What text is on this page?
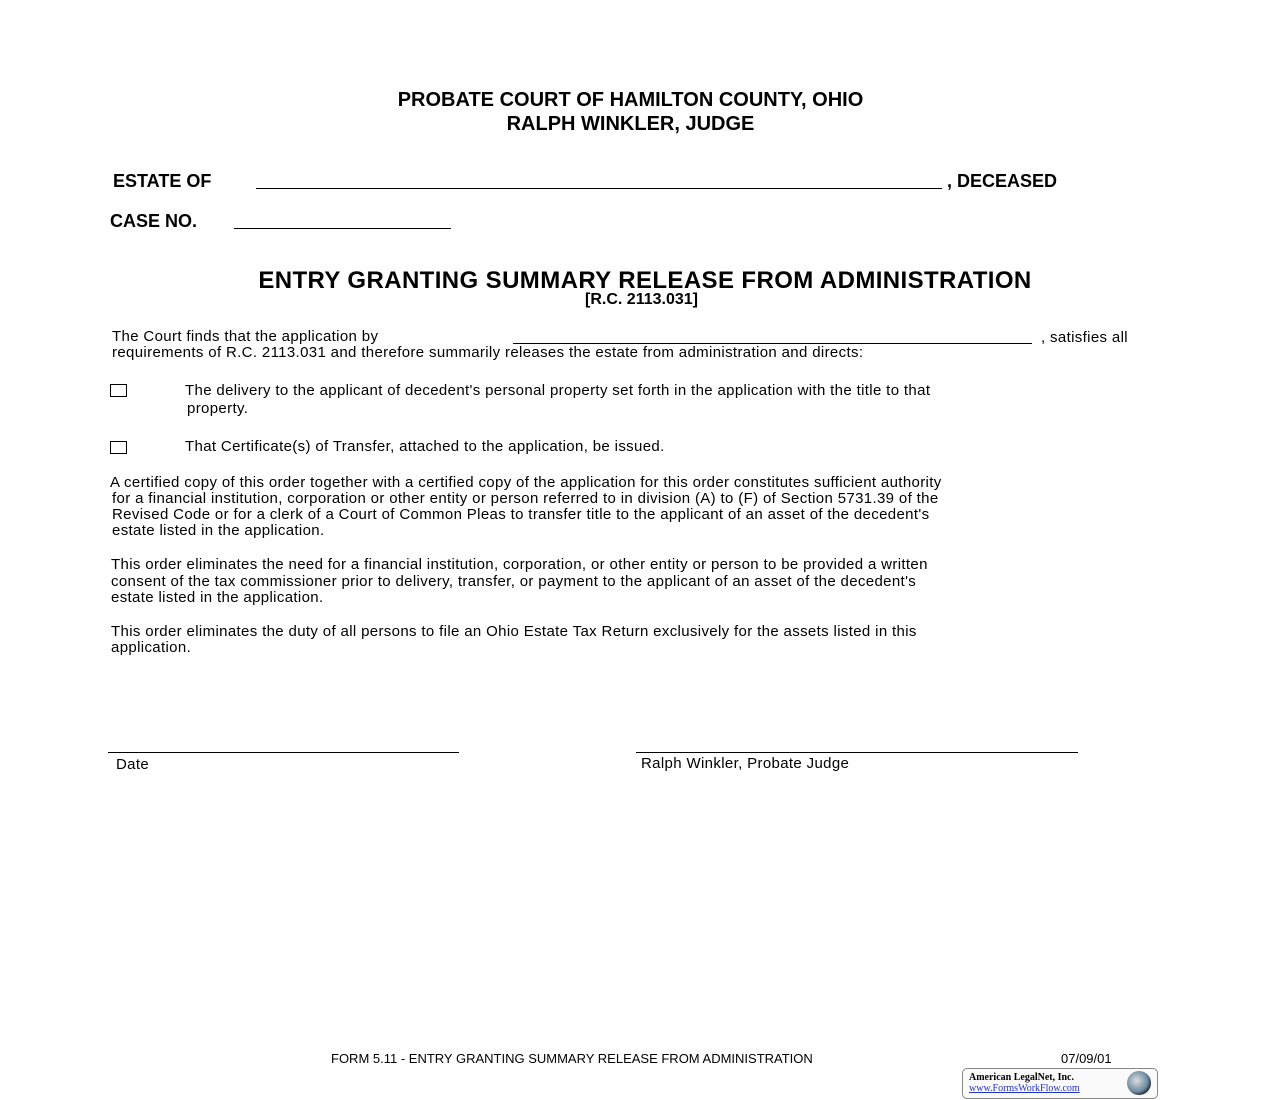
PROBATE COURT OF HAMILTON COUNTY, OHIO
RALPH WINKLER, JUDGE
ESTATE OF	, DECEASED
CASE NO.
ENTRY GRANTING SUMMARY RELEASE FROM ADMINISTRATION
[R.C. 2113.031]
The Court finds that the application by	, satisfies all
requirements of R.C. 2113.031 and therefore summarily releases the estate from administration and directs:
The delivery to the applicant of decedent's personal property set forth in the application with the title to that
property.
That Certificate(s) of Transfer, attached to the application, be issued.
A certified copy of this order together with a certified copy of the application for this order constitutes sufficient authority
for a financial institution, corporation or other entity or person referred to in division (A) to (F) of Section 5731.39 of the
Revised Code or for a clerk of a Court of Common Pleas to transfer title to the applicant of an asset of the decedent's
estate listed in the application.
This order eliminates the need for a financial institution, corporation, or other entity or person to be provided a written
consent of the tax commissioner prior to delivery, transfer, or payment to the applicant of an asset of the decedent's
estate listed in the application.
This order eliminates the duty of all persons to file an Ohio Estate Tax Return exclusively for the assets listed in this
application.
Date	Ralph Winkler, Probate Judge
FORM 5.11 - ENTRY GRANTING SUMMARY RELEASE FROM ADMINISTRATION	07/09/01
American LegalNet, Inc.
www.FormsWorkFlow.com
